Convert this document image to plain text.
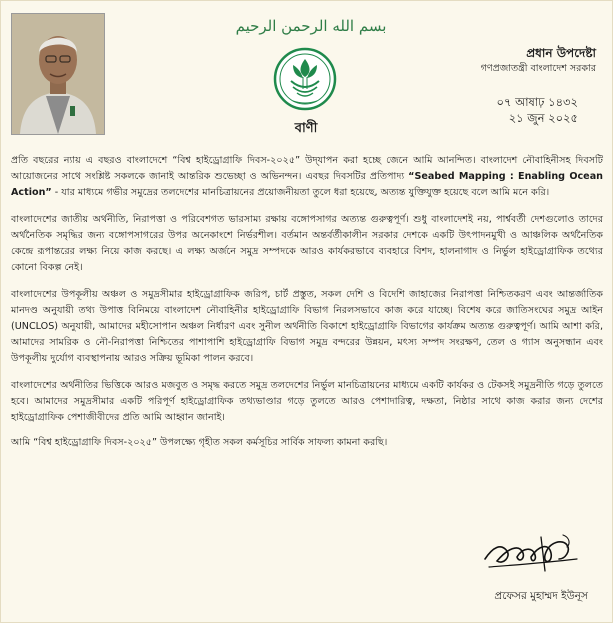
بسم الله الرحمن الرحيم
বাণী
প্রধান উপদেষ্টা
গণপ্রজাতন্ত্রী বাংলাদেশ সরকার
০৭ আষাঢ় ১৪৩২
২১ জুন ২০২৫

প্রতি বছরের ন্যায় এ বছরও বাংলাদেশে “বিশ্ব হাইড্রোগ্রাফি দিবস-২০২৫” উদ্‌যাপন করা হচ্ছে জেনে আমি আনন্দিত। বাংলাদেশ নৌবাহিনীসহ দিবসটি আয়োজনের সাথে সংশ্লিষ্ট সকলকে জানাই আন্তরিক শুভেচ্ছা ও অভিনন্দন। এবছর দিবসটির প্রতিপাদ্য “Seabed Mapping : Enabling Ocean Action” - যার মাধ্যমে গভীর সমুদ্রের তলদেশের মানচিত্রায়নের প্রয়োজনীয়তা তুলে ধরা হয়েছে, অত্যন্ত যুক্তিযুক্ত হয়েছে বলে আমি মনে করি।

বাংলাদেশের জাতীয় অর্থনীতি, নিরাপত্তা ও পরিবেশগত ভারসাম্য রক্ষায় বঙ্গোপসাগর অত্যন্ত গুরুত্বপূর্ণ। শুধু বাংলাদেশই নয়, পার্শ্ববর্তী দেশগুলোও তাদের অর্থনৈতিক সমৃদ্ধির জন্য বঙ্গোপসাগরের উপর অনেকাংশে নির্ভরশীল। বর্তমান অন্তর্বর্তীকালীন সরকার দেশকে একটি উৎপাদনমুখী ও আঞ্চলিক অর্থনৈতিক কেন্দ্রে রূপান্তরের লক্ষ্য নিয়ে কাজ করছে। এ লক্ষ্য অর্জনে সমুদ্র সম্পদকে আরও কার্যকরভাবে ব্যবহারে বিশদ, হালনাগাদ ও নির্ভুল হাইড্রোগ্রাফিক তথ্যের কোনো বিকল্প নেই।

বাংলাদেশের উপকূলীয় অঞ্চল ও সমুদ্রসীমার হাইড্রোগ্রাফিক জরিপ, চার্ট প্রস্তুত, সকল দেশি ও বিদেশি জাহাজের নিরাপত্তা নিশ্চিতকরণ এবং আন্তর্জাতিক মানদণ্ড অনুযায়ী তথ্য উপাত্ত বিনিময়ে বাংলাদেশ নৌবাহিনীর হাইড্রোগ্রাফি বিভাগ নিরলসভাবে কাজ করে যাচ্ছে। বিশেষ করে জাতিসংঘের সমুদ্র আইন (UNCLOS) অনুযায়ী, আমাদের মহীসোপান অঞ্চল নির্ধারণ এবং সুনীল অর্থনীতি বিকাশে হাইড্রোগ্রাফি বিভাগের কার্যক্রম অত্যন্ত গুরুত্বপূর্ণ। আমি আশা করি, আমাদের সামরিক ও নৌ-নিরাপত্তা নিশ্চিতের পাশাপাশি হাইড্রোগ্রাফি বিভাগ সমুদ্র বন্দরের উন্নয়ন, মৎস্য সম্পদ সংরক্ষণ, তেল ও গ্যাস অনুসন্ধান এবং উপকূলীয় দুর্যোগ ব্যবস্থাপনায় আরও সক্রিয় ভূমিকা পালন করবে।

বাংলাদেশের অর্থনীতির ভিত্তিকে আরও মজবুত ও সমৃদ্ধ করতে সমুদ্র তলদেশের নির্ভুল মানচিত্রায়নের মাধ্যমে একটি কার্যকর ও টেকসই সমুদ্রনীতি গড়ে তুলতে হবে। আমাদের সমুদ্রসীমার একটি পরিপূর্ণ হাইড্রোগ্রাফিক তথ্যভাণ্ডার গড়ে তুলতে আরও পেশাদারিত্ব, দক্ষতা, নিষ্ঠার সাথে কাজ করার জন্য দেশের হাইড্রোগ্রাফিক পেশাজীবীদের প্রতি আমি আহ্বান জানাই।

আমি “বিশ্ব হাইড্রোগ্রাফি দিবস-২০২৫” উপলক্ষ্যে গৃহীত সকল কর্মসূচির সার্বিক সাফল্য কামনা করছি।

প্রফেসর মুহাম্মদ ইউনূস
